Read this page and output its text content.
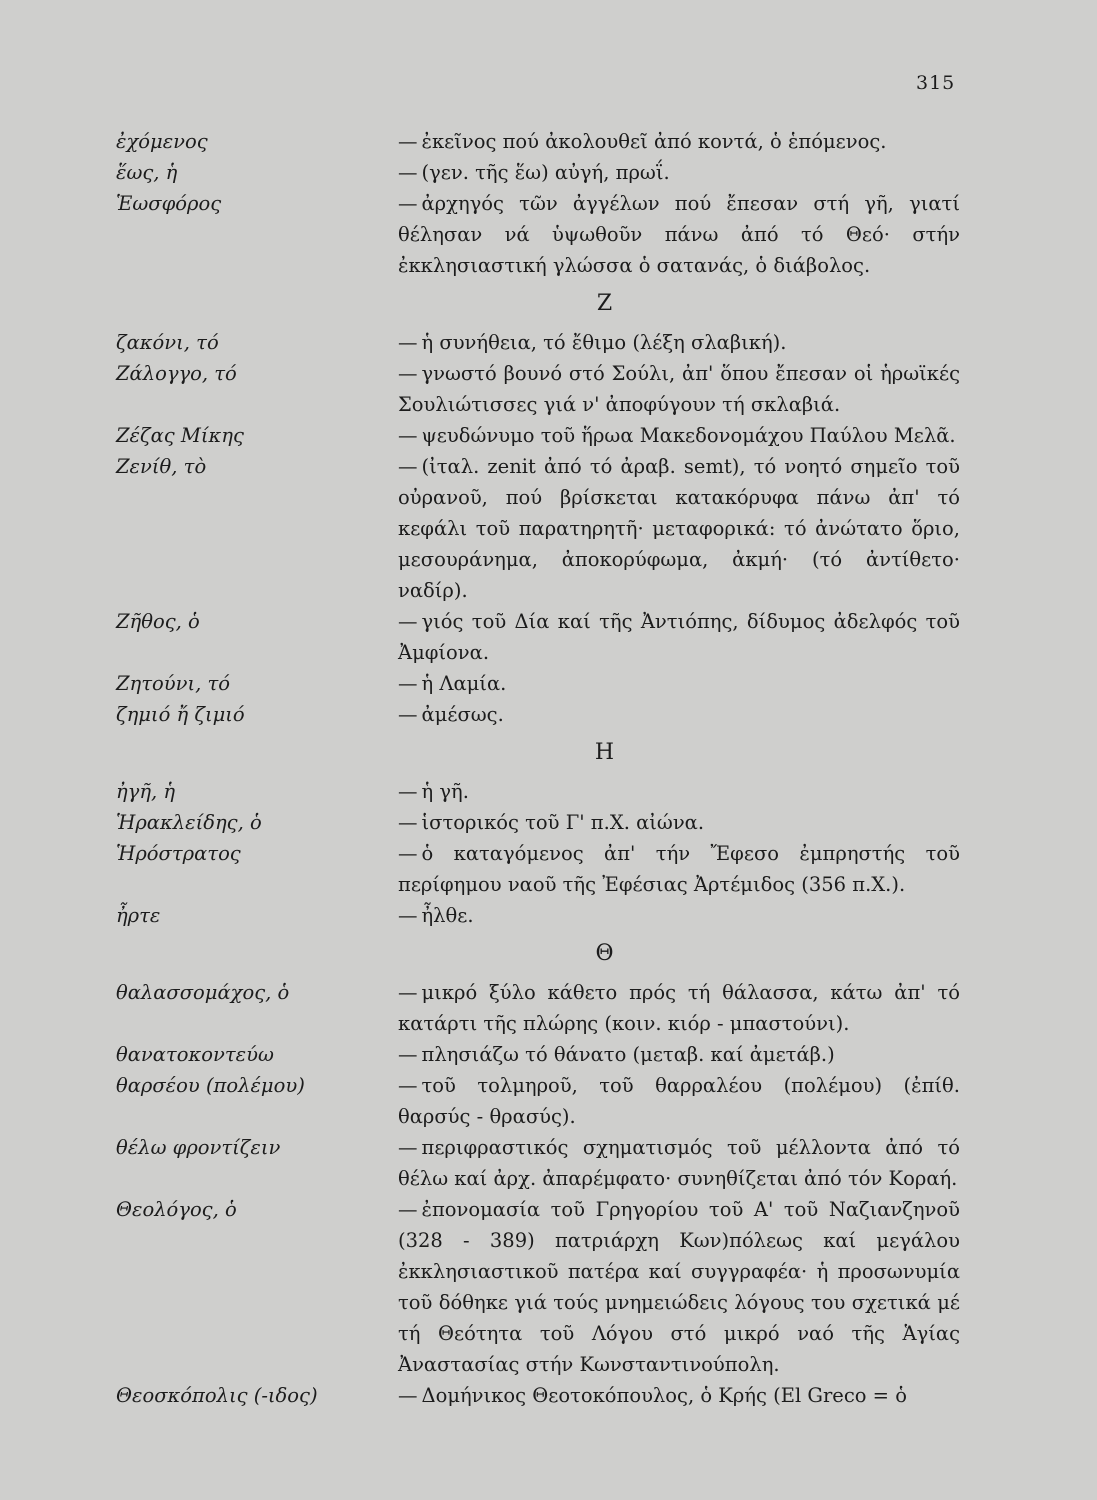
315
ἐχόμενος	— ἐκεῖνος πού ἀκολουθεῖ ἀπό κοντά, ὁ ἑπόμενος.
ἕως, ἡ	— (γεν. τῆς ἕω) αὐγή, πρωΐ.
Ἑωσφόρος	— ἀρχηγός τῶν ἀγγέλων πού ἔπεσαν στή γῆ, γιατί θέλησαν νά ὑψωθοῦν πάνω ἀπό τό Θεό· στήν ἐκκλησιαστική γλώσσα ὁ σατανάς, ὁ διάβολος.
Ζ
ζακόνι, τό	— ἡ συνήθεια, τό ἔθιμο (λέξη σλαβική).
Ζάλογγο, τό	— γνωστό βουνό στό Σούλι, ἀπ' ὅπου ἔπεσαν οἱ ἡρωϊκές Σουλιώτισσες γιά ν' ἀποφύγουν τή σκλαβιά.
Ζέζας Μίκης	— ψευδώνυμο τοῦ ἥρωα Μακεδονομάχου Παύλου Μελᾶ.
Ζενίθ, τὸ	— (ἰταλ. zenit ἀπό τό ἀραβ. semt), τό νοητό σημεῖο τοῦ οὐρανοῦ, πού βρίσκεται κατακόρυφα πάνω ἀπ' τό κεφάλι τοῦ παρατηρητῆ· μεταφορικά: τό ἀνώτατο ὅριο, μεσουράνημα, ἀποκορύφωμα, ἀκμή· (τό ἀντίθετο· ναδίρ).
Ζῆθος, ὁ	— γιός τοῦ Δία καί τῆς Ἀντιόπης, δίδυμος ἀδελφός τοῦ Ἀμφίονα.
Ζητούνι, τό	— ἡ Λαμία.
ζημιό ἤ ζιμιό	— ἀμέσως.
Η
ἠγῆ, ἡ	— ἡ γῆ.
Ἡρακλείδης, ὁ	— ἱστορικός τοῦ Γ' π.Χ. αἰώνα.
Ἡρόστρατος	— ὁ καταγόμενος ἀπ' τήν Ἔφεσο ἐμπρηστής τοῦ περίφημου ναοῦ τῆς Ἐφέσιας Ἀρτέμιδος (356 π.Χ.).
ἦρτε	— ἦλθε.
Θ
θαλασσομάχος, ὁ	— μικρό ξύλο κάθετο πρός τή θάλασσα, κάτω ἀπ' τό κατάρτι τῆς πλώρης (κοιν. κιόρ - μπαστούνι).
θανατοκοντεύω	— πλησιάζω τό θάνατο (μεταβ. καί ἀμετάβ.)
θαρσέου (πολέμου)	— τοῦ τολμηροῦ, τοῦ θαρραλέου (πολέμου) (ἐπίθ. θαρσύς - θρασύς).
θέλω φροντίζειν	— περιφραστικός σχηματισμός τοῦ μέλλοντα ἀπό τό θέλω καί ἀρχ. ἀπαρέμφατο· συνηθίζεται ἀπό τόν Κοραή.
Θεολόγος, ὁ	— ἐπονομασία τοῦ Γρηγορίου τοῦ Α' τοῦ Ναζιανζηνοῦ (328 - 389) πατριάρχη Κων)πόλεως καί μεγάλου ἐκκλησιαστικοῦ πατέρα καί συγγραφέα· ἡ προσωνυμία τοῦ δόθηκε γιά τούς μνημειώδεις λόγους του σχετικά μέ τή Θεότητα τοῦ Λόγου στό μικρό ναό τῆς Ἁγίας Ἀναστασίας στήν Κωνσταντινούπολη.
Θεοσκόπολις (-ιδος)	— Δομήνικος Θεοτοκόπουλος, ὁ Κρής (El Greco = ὁ
